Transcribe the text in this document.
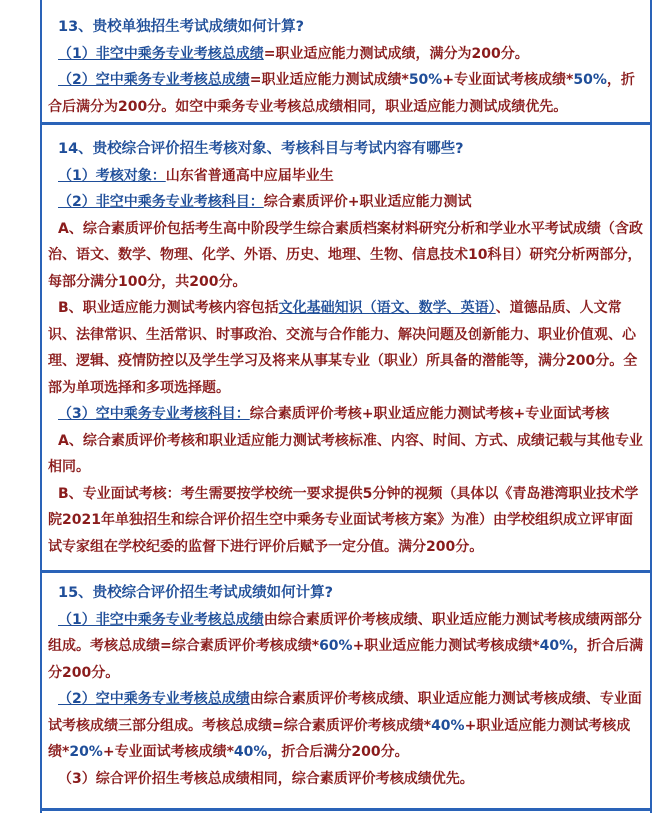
13、贵校单独招生考试成绩如何计算?

（1）非空中乘务专业考核总成绩=职业适应能力测试成绩，满分为200分。

（2）空中乘务专业考核总成绩=职业适应能力测试成绩*50%+专业面试考核成绩*50%，折合后满分为200分。如空中乘务专业考核总成绩相同，职业适应能力测试成绩优先。

14、贵校综合评价招生考核对象、考核科目与考试内容有哪些?

（1）考核对象：山东省普通高中应届毕业生

（2）非空中乘务专业考核科目：综合素质评价+职业适应能力测试

A、综合素质评价包括考生高中阶段学生综合素质档案材料研究分析和学业水平考试成绩（含政治、语文、数学、物理、化学、外语、历史、地理、生物、信息技术10科目）研究分析两部分，每部分满分100分，共200分。

B、职业适应能力测试考核内容包括文化基础知识（语文、数学、英语）、道德品质、人文常识、法律常识、生活常识、时事政治、交流与合作能力、解决问题及创新能力、职业价值观、心理、逻辑、疫情防控以及学生学习及将来从事某专业（职业）所具备的潜能等，满分200分。全部为单项选择和多项选择题。

（3）空中乘务专业考核科目：综合素质评价考核+职业适应能力测试考核+专业面试考核

A、综合素质评价考核和职业适应能力测试考核标准、内容、时间、方式、成绩记载与其他专业相同。

B、专业面试考核：考生需要按学校统一要求提供5分钟的视频（具体以《青岛港湾职业技术学院2021年单独招生和综合评价招生空中乘务专业面试考核方案》为准）由学校组织成立评审面试专家组在学校纪委的监督下进行评价后赋予一定分值。满分200分。

15、贵校综合评价招生考试成绩如何计算?

（1）非空中乘务专业考核总成绩由综合素质评价考核成绩、职业适应能力测试考核成绩两部分组成。考核总成绩=综合素质评价考核成绩*60%+职业适应能力测试考核成绩*40%，折合后满分200分。

（2）空中乘务专业考核总成绩由综合素质评价考核成绩、职业适应能力测试考核成绩、专业面试考核成绩三部分组成。考核总成绩=综合素质评价考核成绩*40%+职业适应能力测试考核成绩*20%+专业面试考核成绩*40%，折合后满分200分。

（3）综合评价招生考核总成绩相同，综合素质评价考核成绩优先。
